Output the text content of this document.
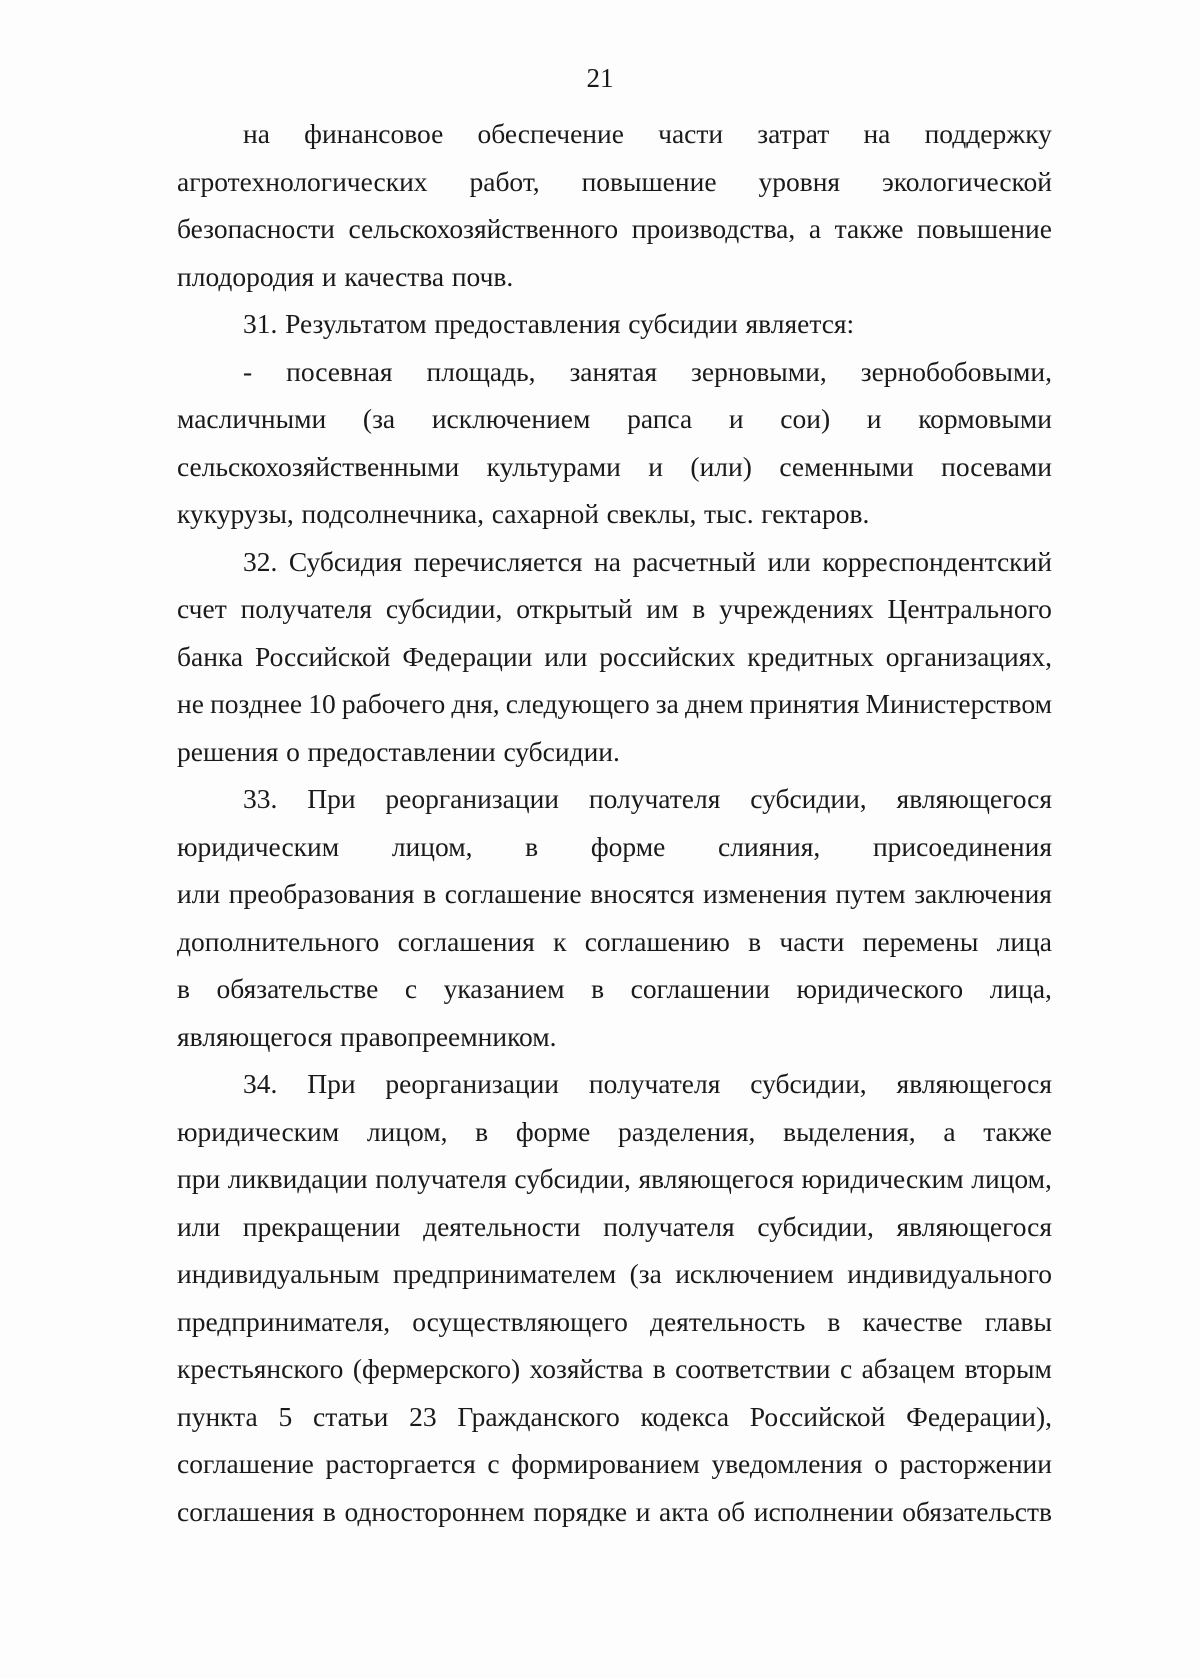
21
на финансовое обеспечение части затрат на поддержку
агротехнологических работ, повышение уровня экологической
безопасности сельскохозяйственного производства, а также повышение
плодородия и качества почв.
31. Результатом предоставления субсидии является:
- посевная площадь, занятая зерновыми, зернобобовыми,
масличными (за исключением рапса и сои) и кормовыми
сельскохозяйственными культурами и (или) семенными посевами
кукурузы, подсолнечника, сахарной свеклы, тыс. гектаров.
32. Субсидия перечисляется на расчетный или корреспондентский
счет получателя субсидии, открытый им в учреждениях Центрального
банка Российской Федерации или российских кредитных организациях,
не позднее 10 рабочего дня, следующего за днем принятия Министерством
решения о предоставлении субсидии.
33. При реорганизации получателя субсидии, являющегося
юридическим лицом, в форме слияния, присоединения
или преобразования в соглашение вносятся изменения путем заключения
дополнительного соглашения к соглашению в части перемены лица
в обязательстве с указанием в соглашении юридического лица,
являющегося правопреемником.
34. При реорганизации получателя субсидии, являющегося
юридическим лицом, в форме разделения, выделения, а также
при ликвидации получателя субсидии, являющегося юридическим лицом,
или прекращении деятельности получателя субсидии, являющегося
индивидуальным предпринимателем (за исключением индивидуального
предпринимателя, осуществляющего деятельность в качестве главы
крестьянского (фермерского) хозяйства в соответствии с абзацем вторым
пункта 5 статьи 23 Гражданского кодекса Российской Федерации),
соглашение расторгается с формированием уведомления о расторжении
соглашения в одностороннем порядке и акта об исполнении обязательств
